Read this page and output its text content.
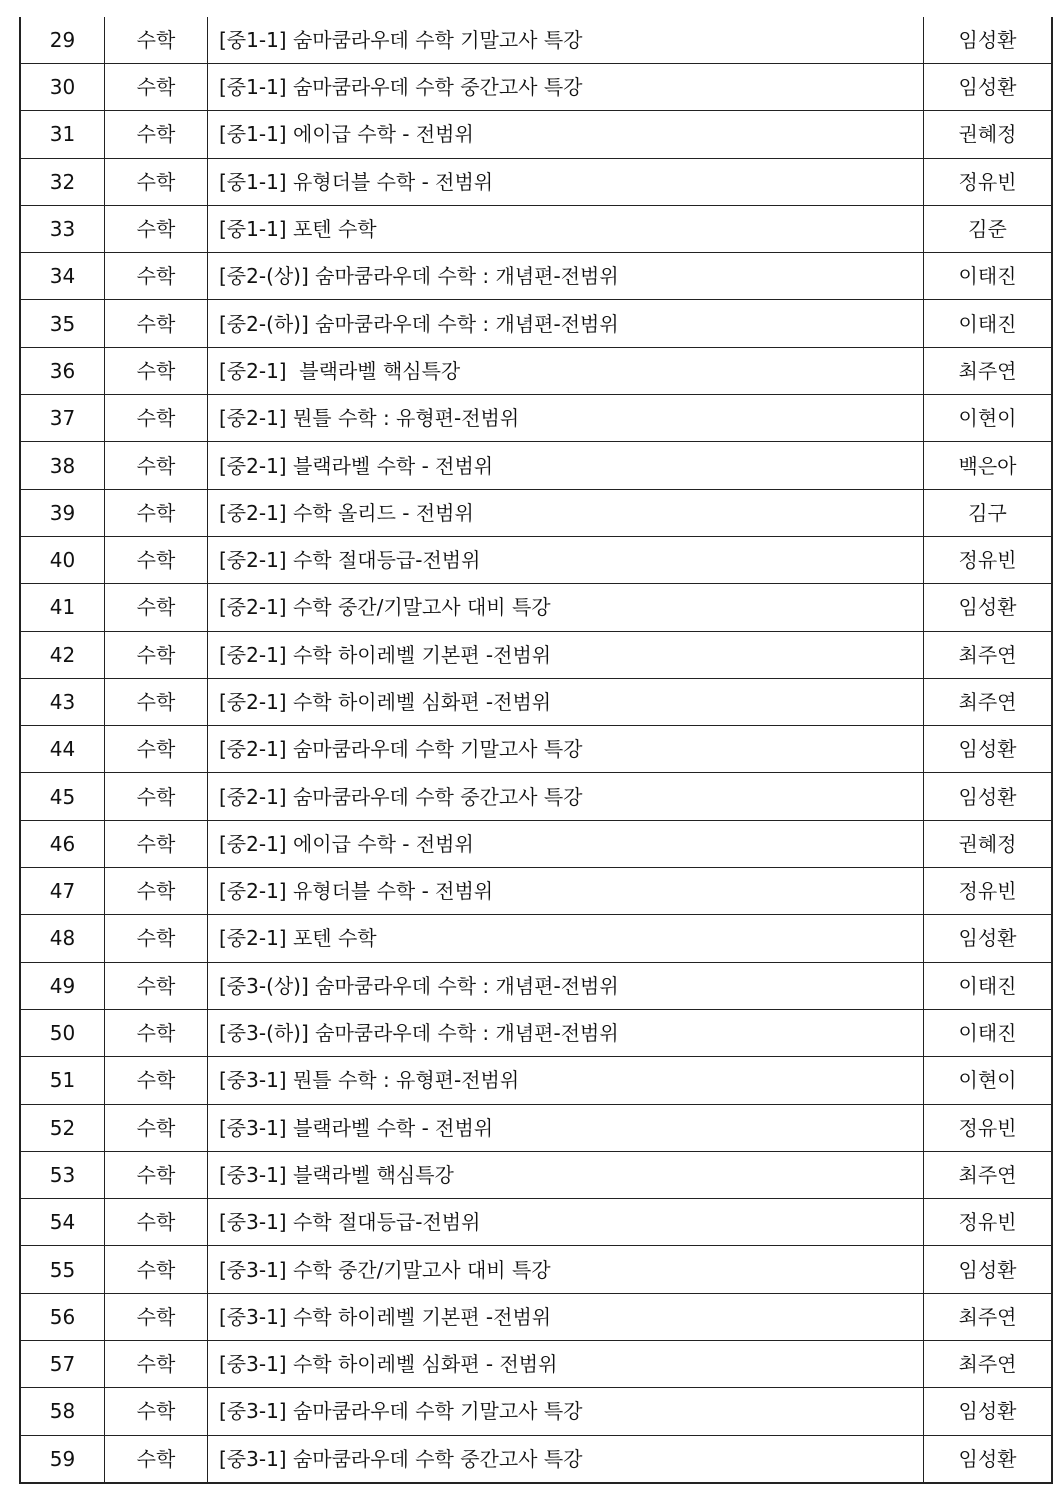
29	수학	[중1-1] 숨마쿰라우데 수학 기말고사 특강	임성환
30	수학	[중1-1] 숨마쿰라우데 수학 중간고사 특강	임성환
31	수학	[중1-1] 에이급 수학 - 전범위	권혜정
32	수학	[중1-1] 유형더블 수학 - 전범위	정유빈
33	수학	[중1-1] 포텐 수학	김준
34	수학	[중2-(상)] 숨마쿰라우데 수학 : 개념편-전범위	이태진
35	수학	[중2-(하)] 숨마쿰라우데 수학 : 개념편-전범위	이태진
36	수학	[중2-1]  블랙라벨 핵심특강	최주연
37	수학	[중2-1] 뭔틀 수학 : 유형편-전범위	이현이
38	수학	[중2-1] 블랙라벨 수학 - 전범위	백은아
39	수학	[중2-1] 수학 올리드 - 전범위	김구
40	수학	[중2-1] 수학 절대등급-전범위	정유빈
41	수학	[중2-1] 수학 중간/기말고사 대비 특강	임성환
42	수학	[중2-1] 수학 하이레벨 기본편 -전범위	최주연
43	수학	[중2-1] 수학 하이레벨 심화편 -전범위	최주연
44	수학	[중2-1] 숨마쿰라우데 수학 기말고사 특강	임성환
45	수학	[중2-1] 숨마쿰라우데 수학 중간고사 특강	임성환
46	수학	[중2-1] 에이급 수학 - 전범위	권혜정
47	수학	[중2-1] 유형더블 수학 - 전범위	정유빈
48	수학	[중2-1] 포텐 수학	임성환
49	수학	[중3-(상)] 숨마쿰라우데 수학 : 개념편-전범위	이태진
50	수학	[중3-(하)] 숨마쿰라우데 수학 : 개념편-전범위	이태진
51	수학	[중3-1] 뭔틀 수학 : 유형편-전범위	이현이
52	수학	[중3-1] 블랙라벨 수학 - 전범위	정유빈
53	수학	[중3-1] 블랙라벨 핵심특강	최주연
54	수학	[중3-1] 수학 절대등급-전범위	정유빈
55	수학	[중3-1] 수학 중간/기말고사 대비 특강	임성환
56	수학	[중3-1] 수학 하이레벨 기본편 -전범위	최주연
57	수학	[중3-1] 수학 하이레벨 심화편 - 전범위	최주연
58	수학	[중3-1] 숨마쿰라우데 수학 기말고사 특강	임성환
59	수학	[중3-1] 숨마쿰라우데 수학 중간고사 특강	임성환
